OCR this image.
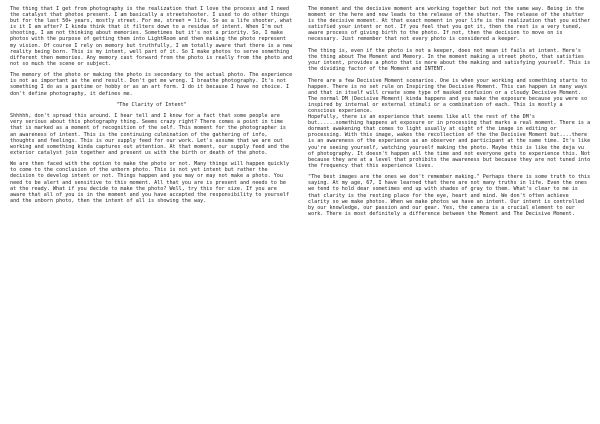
The thing that I get from photography is the realization that I love the process and I need the catalyst that photos present. I am basically a streetshooter. I used to do other things but for the last 50+ years, mostly street. For me, street = life. So as a life shooter, what is it I am after? I kinda think that it filters down to a residue of intent. When I'm out shooting, I am not thinking about memories. Sometimes but it's not a priority. So, I make photos with the purpose of getting them into LightRoom and then making the photo represent my vision. Of course I rely on memory but truthfully, I am totally aware that there is a new reality being born. This is my intent, well part of it. So I make photos to serve something different then memories. Any memory cast forward from the photo is really from the photo and not so much the scene or subject.

The memory of the photo or making the photo is secondary to the actual photo. The experience is not as important as the end result. Don't get me wrong. I breathe photography. It's not something I do as a pastime or hobby or as an art form. I do it because I have no choice. I don't define photography, it defines me.

"The Clarity of Intent"

Shhhhh, don't spread this around. I hear tell and I know for a fact that some people are very serious about this photography thing. Seems crazy right? There comes a point in time that is marked as a moment of recognition of the self. This moment for the photographer is an awareness of intent. This is the continuing culmination of the gathering of info, thoughts and feelings. This is our supply feed for our work. Let's assume that we are out working and something kinda captures out attention. At that moment, our supply feed and the exterior catalyst join together and present us with the birth or death of the photo.

We are then faced with the option to make the photo or not. Many things will happen quickly to come to the conclusion of the unborn photo. This is not yet intent but rather the decision to develop intent or not. Things happen and you may or may not make a photo. You need to be alert and sensitive to this moment. All that you are is present and needs to be at the ready. What if you decide to make the photo? Well, try this for size. If you are aware that all of you is in the moment and you have accepted the responsibility to yourself and the unborn photo, then the intent of all is showing the way.

The moment and the decisive moment are working together but not the same way. Being in the moment or the here and now leads to the release of the shutter. The release of the shutter is the decisive moment. At that exact moment in your life is the realization that you either satisfied your intent or not. If you feel that you got it, then the rest is a very tuned, aware process of giving birth to the photo. If not, then the decision to move on is necessary. Just remember that not every photo is considered a keeper.

The thing is, even if the photo is not a keeper, does not mean it fails at intent. Here's the thing about The Moment and Memory. In the moment making a street photo, that satisfies your intent, provides a photo that is more about the making and satisfying yourself. This is the dividing factor of the Moment and INTENT.

There are a few Decisive Moment scenarios. One is when your working and something starts to happen. There is no set rule on Inspiring the Decisive Moment. This can happen in many ways and that in itself will create some type of masked confusion or a cloudy Decisive Moment. The normal DM (Decisive Moment) kinda happens and you make the exposure because you were so inspired by internal or external stimuli or a combination of each. This is mostly a conscious experience.
Hopefully, there is an experience that seems like all the rest of the DM's but......something happens at exposure or in processing that marks a real moment. There is a dormant awakening that comes to light usually at sight of the image in editing or processing. With this image, wakes the recollection of the the Decisive Moment but....there is an awareness of the experience as an observer and participant at the same time. It's like you're seeing yourself, watching yourself making the photo. Maybe this is like the deja vu of photography. It doesn't happen all the time and not everyone gets to experience this. Not because they are at a level that prohibits the awareness but because they are not tuned into the frequency that this experience lives.

"The best images are the ones we don't remember making." Perhaps there is some truth to this saying. At my age, 67, I have learned that there are not many truths in life. Even the ones we tend to hold dear sometimes end up with shades of gray to them. What's clear to me is that clarity is the resting place for the eye, heart and mind. We don't often achieve clarity so we make photos. When we make photos we have an intent. Our intent is controlled by our knowledge, our passion and our gear. Yes, the camera is a crucial element to our work. There is most definitely a difference between the Moment and The Decisive Moment.
